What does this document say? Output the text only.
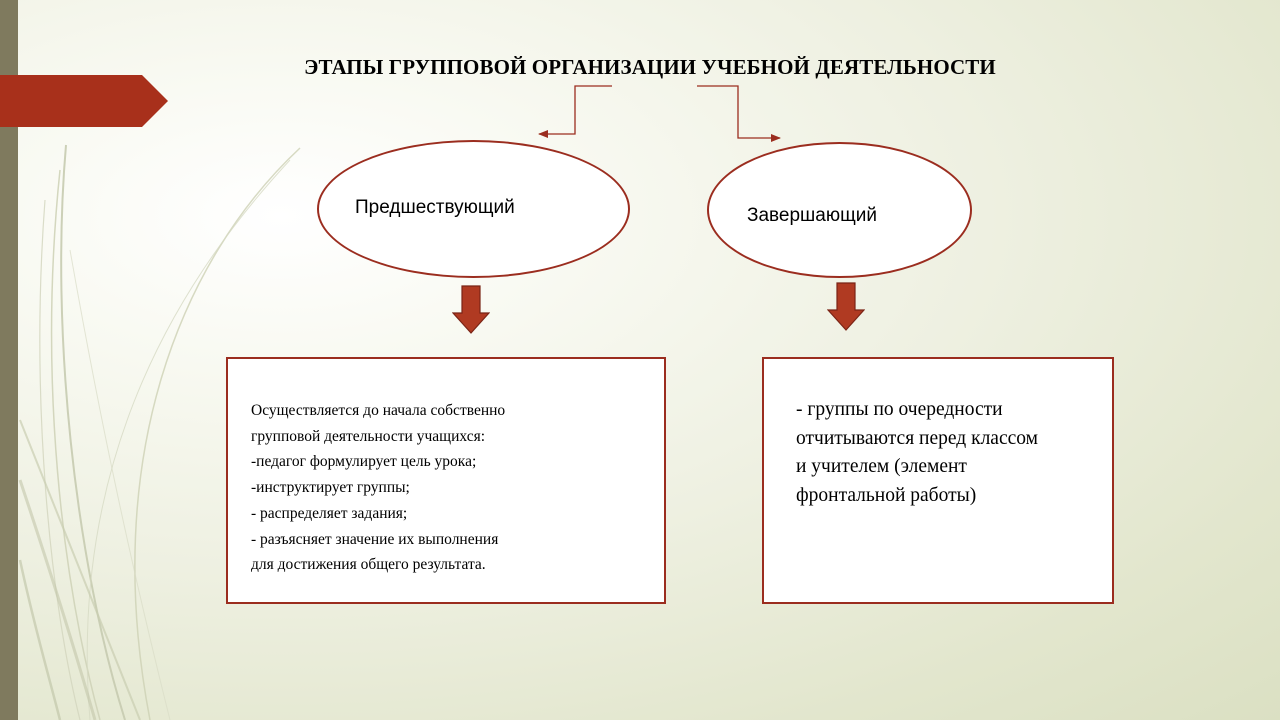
ЭТАПЫ ГРУППОВОЙ ОРГАНИЗАЦИИ УЧЕБНОЙ ДЕЯТЕЛЬНОСТИ
Предшествующий	Завершающий
Осуществляется до начала собственно
групповой деятельности учащихся:
-педагог формулирует цель урока;
-инструктирует группы;
- распределяет задания;
- разъясняет значение их выполнения
для достижения общего результата.
- группы по очередности
отчитываются перед классом
и учителем (элемент
фронтальной работы)
